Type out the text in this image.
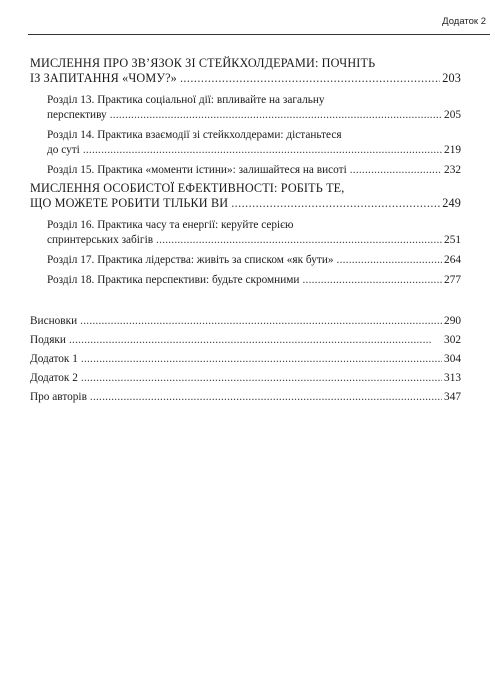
Додаток 2
МИСЛЕННЯ ПРО ЗВ’ЯЗОК ЗІ СТЕЙКХОЛДЕРАМИ: ПОЧНІТЬ
ІЗ ЗАПИТАННЯ «ЧОМУ?» . . .	203
Розділ 13. Практика соціальної дії: впливайте на загальну
перспективу . . .	205
Розділ 14. Практика взаємодії зі стейкхолдерами: дістаньтеся
до суті . . .	219
Розділ 15. Практика «моменти істини»: залишайтеся на висоті . . .	232
МИСЛЕННЯ ОСОБИСТОЇ ЕФЕКТИВНОСТІ: РОБІТЬ ТЕ,
ЩО МОЖЕТЕ РОБИТИ ТІЛЬКИ ВИ . . .	249
Розділ 16. Практика часу та енергії: керуйте серією
спринтерських забігів . . .	251
Розділ 17. Практика лідерства: живіть за списком «як бути» . . .	264
Розділ 18. Практика перспективи: будьте скромними . . .	277
Висновки . . .	290
Подяки . . .	302
Додаток 1 . . .	304
Додаток 2 . . .	313
Про авторів . . .	347
